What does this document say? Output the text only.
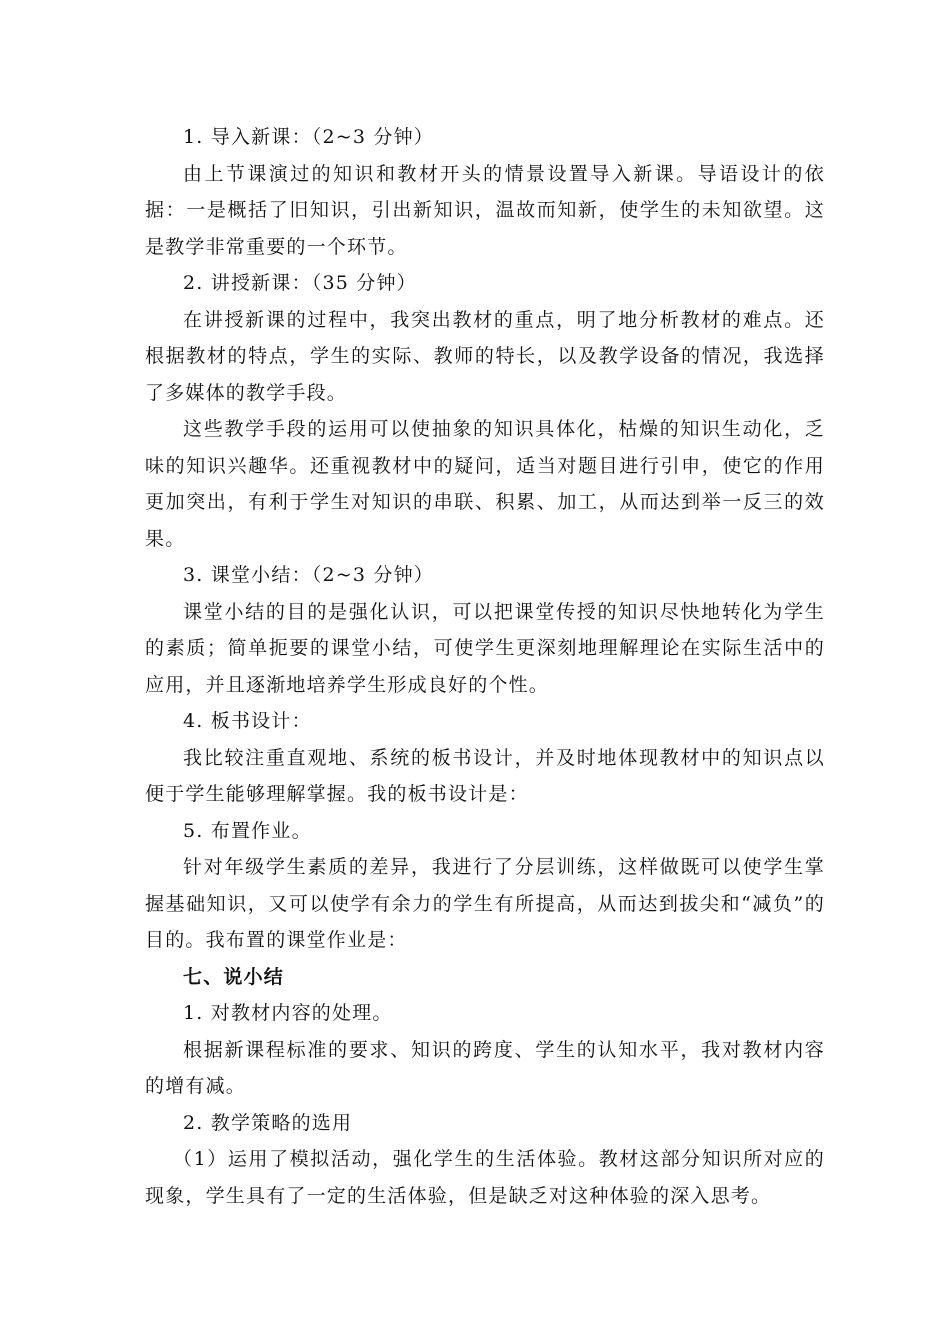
1. 导入新课：（2~3 分钟）

由上节课演过的知识和教材开头的情景设置导入新课。导语设计的依据：一是概括了旧知识，引出新知识，温故而知新，使学生的未知欲望。这是教学非常重要的一个环节。

2. 讲授新课：（35 分钟）

在讲授新课的过程中，我突出教材的重点，明了地分析教材的难点。还根据教材的特点，学生的实际、教师的特长，以及教学设备的情况，我选择了多媒体的教学手段。

这些教学手段的运用可以使抽象的知识具体化，枯燥的知识生动化，乏味的知识兴趣华。还重视教材中的疑问，适当对题目进行引申，使它的作用更加突出，有利于学生对知识的串联、积累、加工，从而达到举一反三的效果。

3. 课堂小结：（2~3 分钟）

课堂小结的目的是强化认识，可以把课堂传授的知识尽快地转化为学生的素质；简单扼要的课堂小结，可使学生更深刻地理解理论在实际生活中的应用，并且逐渐地培养学生形成良好的个性。

4. 板书设计：

我比较注重直观地、系统的板书设计，并及时地体现教材中的知识点以便于学生能够理解掌握。我的板书设计是：

5. 布置作业。

针对年级学生素质的差异，我进行了分层训练，这样做既可以使学生掌握基础知识，又可以使学有余力的学生有所提高，从而达到拔尖和“减负”的目的。我布置的课堂作业是：

七、说小结

1. 对教材内容的处理。

根据新课程标准的要求、知识的跨度、学生的认知水平，我对教材内容的增有减。

2. 教学策略的选用

（1）运用了模拟活动，强化学生的生活体验。教材这部分知识所对应的现象，学生具有了一定的生活体验，但是缺乏对这种体验的深入思考。
